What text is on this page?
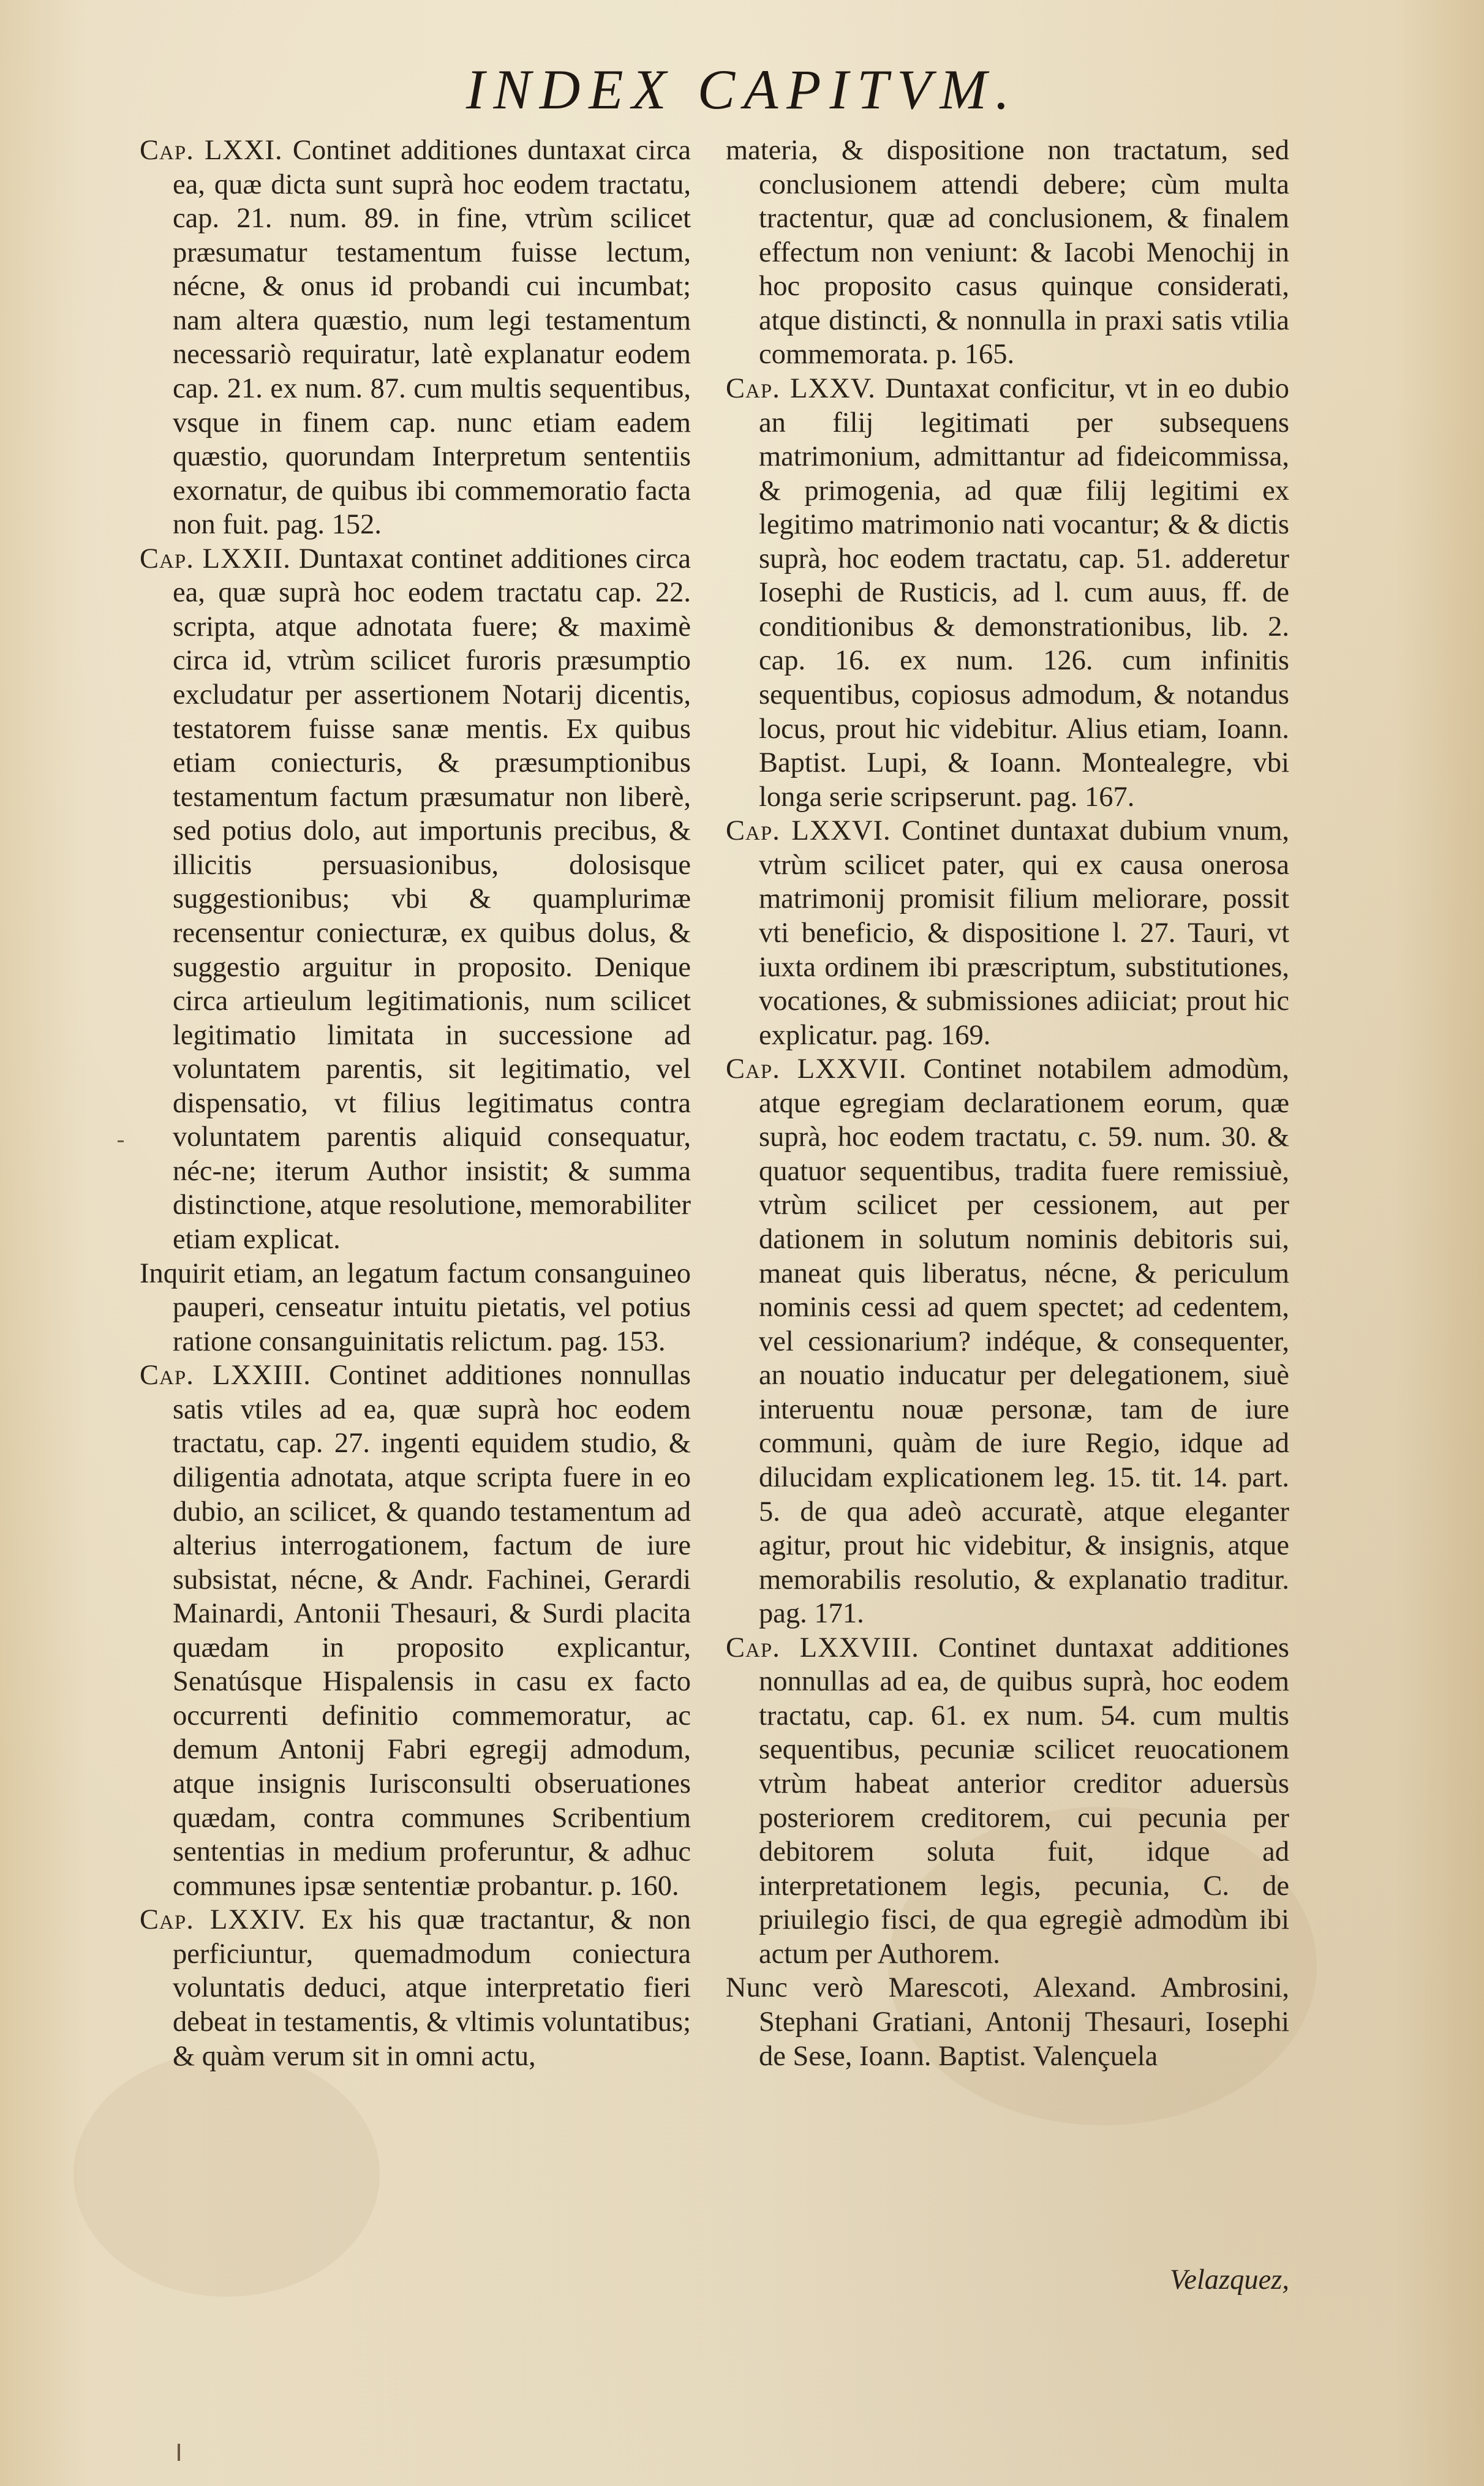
INDEX CAPITVM.

Cap. LXXI. Continet additiones duntaxat circa ea, quæ dicta sunt suprà hoc eodem tractatu, cap. 21. num. 89. in fine, vtrùm scilicet præsumatur testamentum fuisse lectum, nécne, & onus id probandi cui incumbat; nam altera quæstio, num legi testamentum necessariò requiratur, latè explanatur eodem cap. 21. ex num. 87. cum multis sequentibus, vsque in finem cap. nunc etiam eadem quæstio, quorundam Interpretum sententiis exornatur, de quibus ibi commemoratio facta non fuit. pag. 152.

Cap. LXXII. Duntaxat continet additiones circa ea, quæ suprà hoc eodem tractatu cap. 22. scripta, atque adnotata fuere; & maximè circa id, vtrùm scilicet furoris præsumptio excludatur per assertionem Notarij dicentis, testatorem fuisse sanæ mentis. Ex quibus etiam coniecturis, & præsumptionibus testamentum factum præsumatur non liberè, sed potius dolo, aut importunis precibus, & illicitis persuasionibus, dolosisque suggestionibus; vbi & quamplurimæ recensentur coniecturæ, ex quibus dolus, & suggestio arguitur in proposito. Denique circa artieulum legitimationis, num scilicet legitimatio limitata in successione ad voluntatem parentis, sit legitimatio, vel dispensatio, vt filius legitimatus contra voluntatem parentis aliquid consequatur, néc-ne; iterum Author insistit; & summa distinctione, atque resolutione, memorabiliter etiam explicat.

Inquirit etiam, an legatum factum consanguineo pauperi, censeatur intuitu pietatis, vel potius ratione consanguinitatis relictum. pag. 153.

Cap. LXXIII. Continet additiones nonnullas satis vtiles ad ea, quæ suprà hoc eodem tractatu, cap. 27. ingenti equidem studio, & diligentia adnotata, atque scripta fuere in eo dubio, an scilicet, & quando testamentum ad alterius interrogationem, factum de iure subsistat, nécne, & Andr. Fachinei, Gerardi Mainardi, Antonii Thesauri, & Surdi placita quædam in proposito explicantur, Senatúsque Hispalensis in casu ex facto occurrenti definitio commemoratur, ac demum Antonij Fabri egregij admodum, atque insignis Iurisconsulti obseruationes quædam, contra communes Scribentium sententias in medium proferuntur, & adhuc communes ipsæ sententiæ probantur. p. 160.

Cap. LXXIV. Ex his quæ tractantur, & non perficiuntur, quemadmodum coniectura voluntatis deduci, atque interpretatio fieri debeat in testamentis, & vltimis voluntatibus; & quàm verum sit in omni actu,

materia, & dispositione non tractatum, sed conclusionem attendi debere; cùm multa tractentur, quæ ad conclusionem, & finalem effectum non veniunt: & Iacobi Menochij in hoc proposito casus quinque considerati, atque distincti, & nonnulla in praxi satis vtilia commemorata. p. 165.

Cap. LXXV. Duntaxat conficitur, vt in eo dubio an filij legitimati per subsequens matrimonium, admittantur ad fideicommissa, & primogenia, ad quæ filij legitimi ex legitimo matrimonio nati vocantur; & & dictis suprà, hoc eodem tractatu, cap. 51. adderetur Iosephi de Rusticis, ad l. cum auus, ff. de conditionibus & demonstrationibus, lib. 2. cap. 16. ex num. 126. cum infinitis sequentibus, copiosus admodum, & notandus locus, prout hic videbitur. Alius etiam, Ioann. Baptist. Lupi, & Ioann. Montealegre, vbi longa serie scripserunt. pag. 167.

Cap. LXXVI. Continet duntaxat dubium vnum, vtrùm scilicet pater, qui ex causa onerosa matrimonij promisit filium meliorare, possit vti beneficio, & dispositione l. 27. Tauri, vt iuxta ordinem ibi præscriptum, substitutiones, vocationes, & submissiones adiiciat; prout hic explicatur. pag. 169.

Cap. LXXVII. Continet notabilem admodùm, atque egregiam declarationem eorum, quæ suprà, hoc eodem tractatu, c. 59. num. 30. & quatuor sequentibus, tradita fuere remissiuè, vtrùm scilicet per cessionem, aut per dationem in solutum nominis debitoris sui, maneat quis liberatus, nécne, & periculum nominis cessi ad quem spectet; ad cedentem, vel cessionarium? indéque, & consequenter, an nouatio inducatur per delegationem, siuè interuentu nouæ personæ, tam de iure communi, quàm de iure Regio, idque ad dilucidam explicationem leg. 15. tit. 14. part. 5. de qua adeò accuratè, atque eleganter agitur, prout hic videbitur, & insignis, atque memorabilis resolutio, & explanatio traditur. pag. 171.

Cap. LXXVIII. Continet duntaxat additiones nonnullas ad ea, de quibus suprà, hoc eodem tractatu, cap. 61. ex num. 54. cum multis sequentibus, pecuniæ scilicet reuocationem vtrùm habeat anterior creditor aduersùs posteriorem creditorem, cui pecunia per debitorem soluta fuit, idque ad interpretationem legis, pecunia, C. de priuilegio fisci, de qua egregiè admodùm ibi actum per Authorem.

Nunc verò Marescoti, Alexand. Ambrosini, Stephani Gratiani, Antonij Thesauri, Iosephi de Sese, Ioann. Baptist. Valençuela

Velazquez,
